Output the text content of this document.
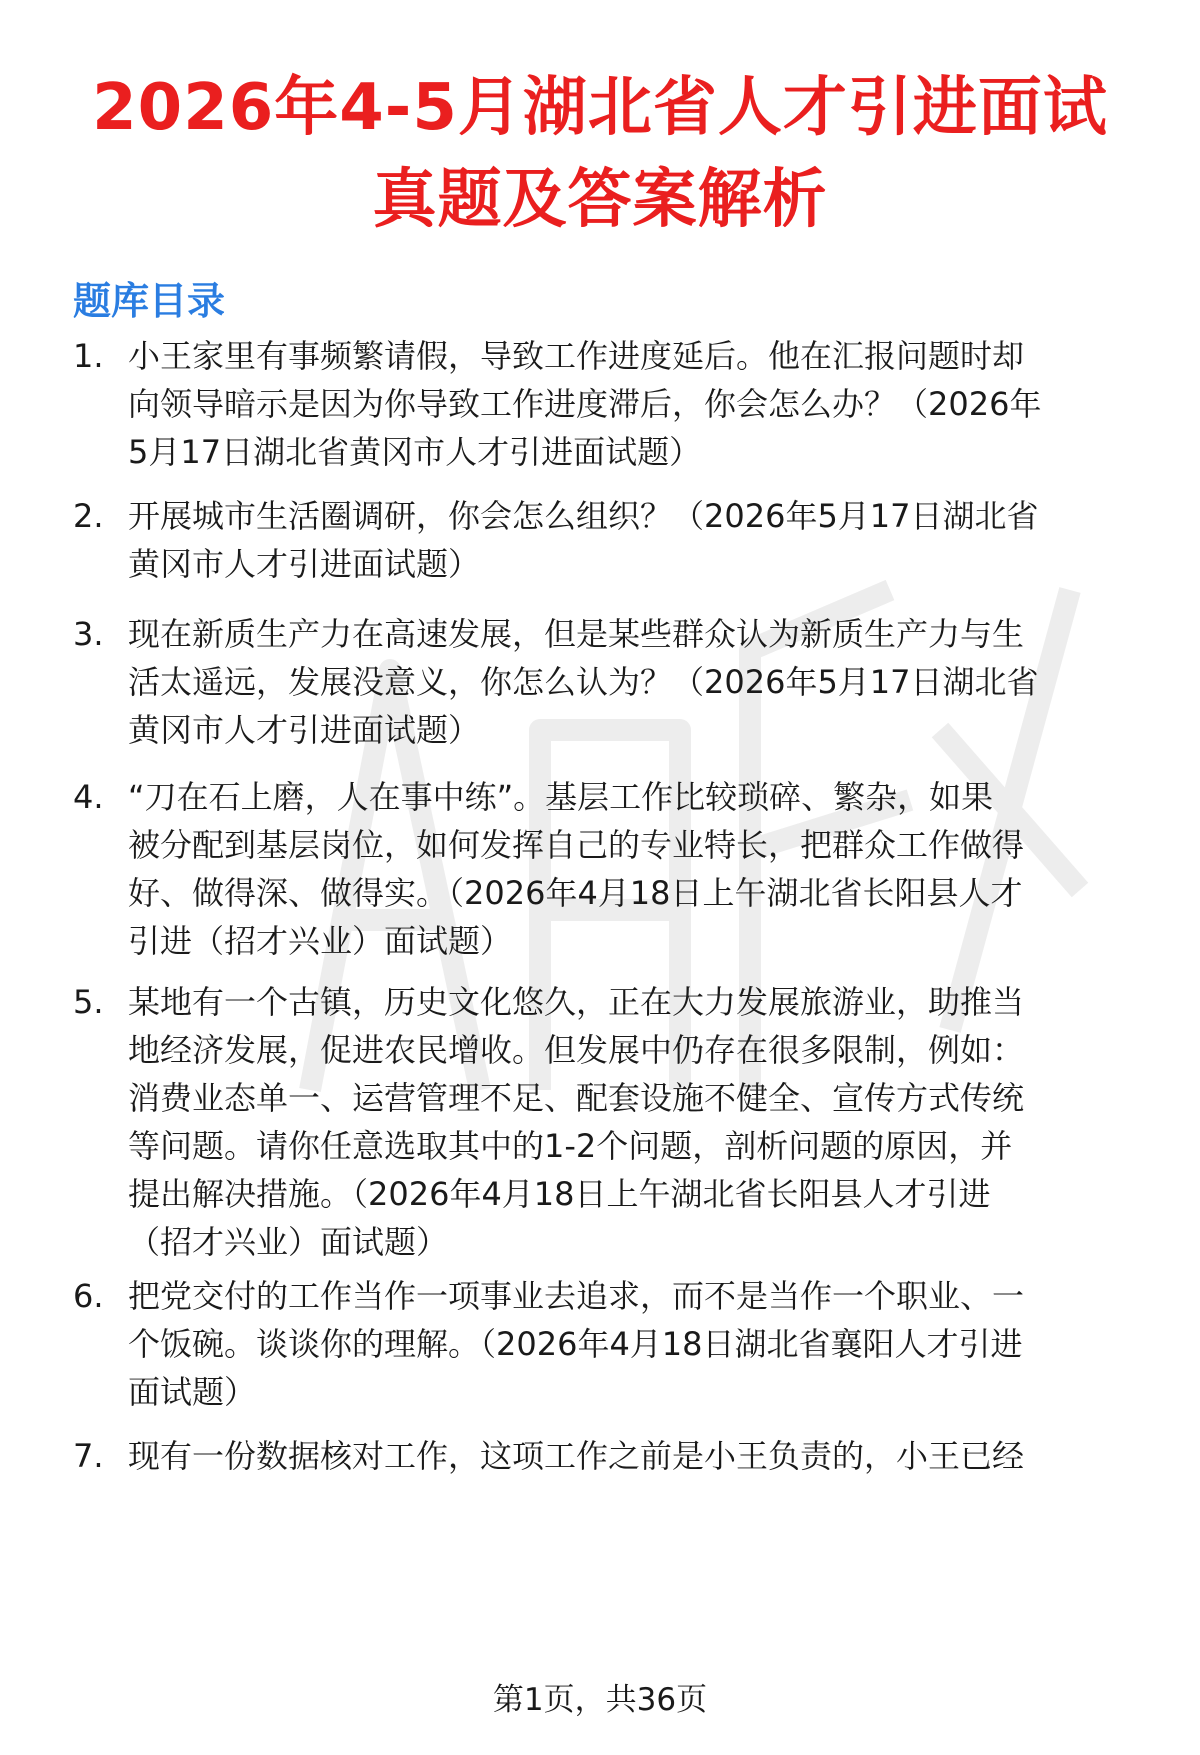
2026年4-5月湖北省人才引进面试
真题及答案解析
题库目录
1. 小王家里有事频繁请假，导致工作进度延后。他在汇报问题时却
向领导暗示是因为你导致工作进度滞后，你会怎么办？（2026年
5月17日湖北省黄冈市人才引进面试题）
2. 开展城市生活圈调研，你会怎么组织？（2026年5月17日湖北省
黄冈市人才引进面试题）
3. 现在新质生产力在高速发展，但是某些群众认为新质生产力与生
活太遥远，发展没意义，你怎么认为？（2026年5月17日湖北省
黄冈市人才引进面试题）
4. “刀在石上磨，人在事中练”。基层工作比较琐碎、繁杂，如果
被分配到基层岗位，如何发挥自己的专业特长，把群众工作做得
好、做得深、做得实。（2026年4月18日上午湖北省长阳县人才
引进（招才兴业）面试题）
5. 某地有一个古镇，历史文化悠久，正在大力发展旅游业，助推当
地经济发展，促进农民增收。但发展中仍存在很多限制，例如：
消费业态单一、运营管理不足、配套设施不健全、宣传方式传统
等问题。请你任意选取其中的1-2个问题，剖析问题的原因，并
提出解决措施。（2026年4月18日上午湖北省长阳县人才引进
（招才兴业）面试题）
6. 把党交付的工作当作一项事业去追求，而不是当作一个职业、一
个饭碗。谈谈你的理解。（2026年4月18日湖北省襄阳人才引进
面试题）
7. 现有一份数据核对工作，这项工作之前是小王负责的，小王已经
第1页，共36页
